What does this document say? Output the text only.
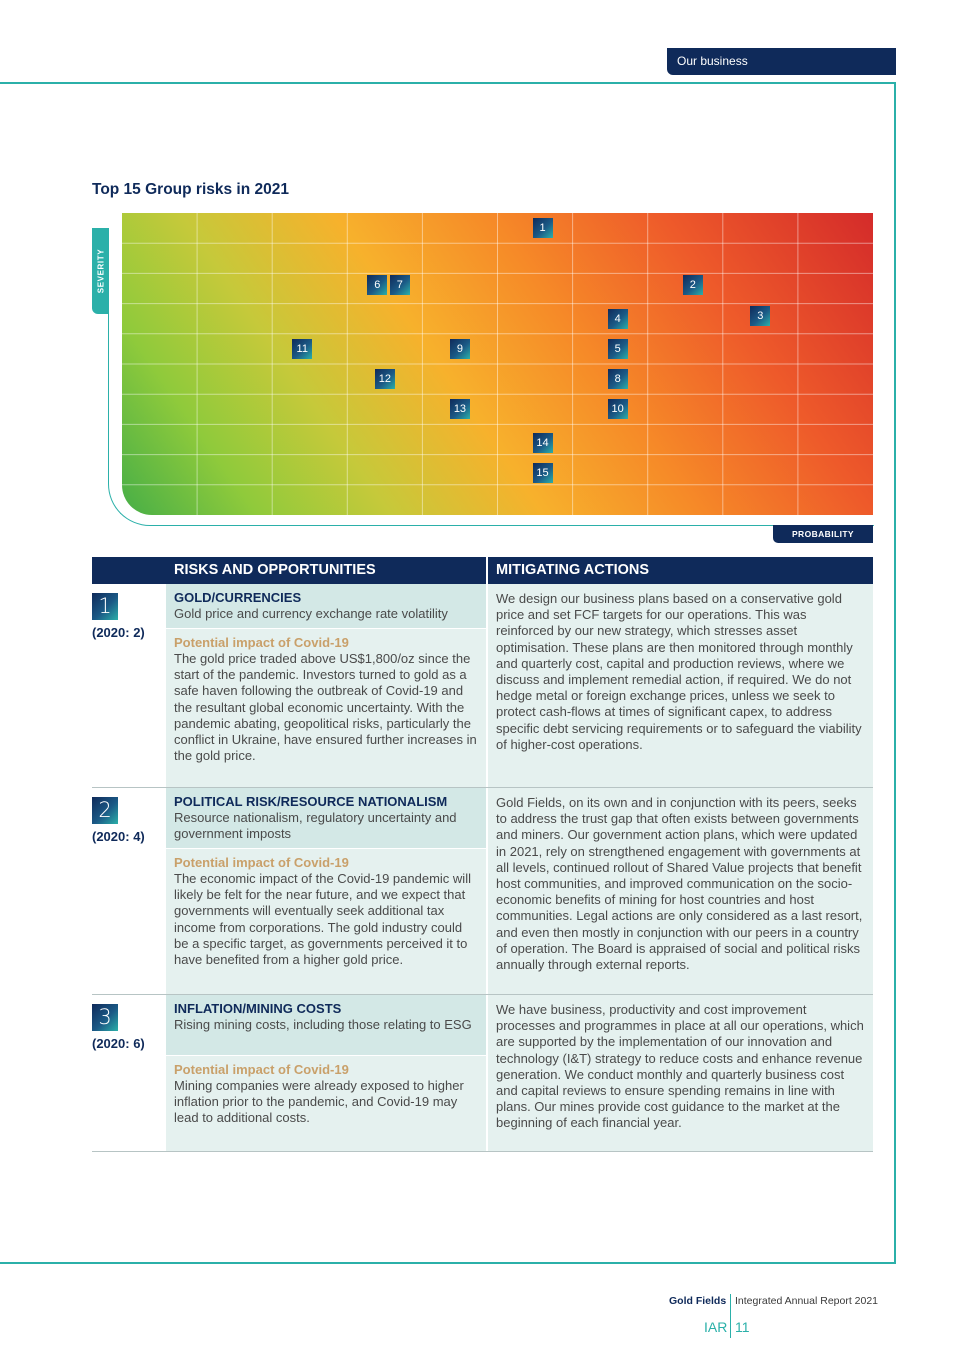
Our business
Top 15 Group risks in 2021
SEVERITY
1
2
3
4
5
6	7
8
9
10
11
12
13
14
15
PROBABILITY
RISKS AND OPPORTUNITIES	MITIGATING ACTIONS
1
(2020: 2)
GOLD/CURRENCIES
Gold price and currency exchange rate volatility
Potential impact of Covid-19
The gold price traded above US$1,800/oz since the start of the pandemic. Investors turned to gold as a safe haven following the outbreak of Covid-19 and the resultant global economic uncertainty. With the pandemic abating, geopolitical risks, particularly the conflict in Ukraine, have ensured further increases in the gold price.
We design our business plans based on a conservative gold price and set FCF targets for our operations. This was reinforced by our new strategy, which stresses asset optimisation. These plans are then monitored through monthly and quarterly cost, capital and production reviews, where we discuss and implement remedial action, if required. We do not hedge metal or foreign exchange prices, unless we seek to protect cash-flows at times of significant capex, to address specific debt servicing requirements or to safeguard the viability of higher-cost operations.
2
(2020: 4)
POLITICAL RISK/RESOURCE NATIONALISM
Resource nationalism, regulatory uncertainty and government imposts
Potential impact of Covid-19
The economic impact of the Covid-19 pandemic will likely be felt for the near future, and we expect that governments will eventually seek additional tax income from corporations. The gold industry could be a specific target, as governments perceived it to have benefited from a higher gold price.
Gold Fields, on its own and in conjunction with its peers, seeks to address the trust gap that often exists between governments and miners. Our government action plans, which were updated in 2021, rely on strengthened engagement with governments at all levels, continued rollout of Shared Value projects that benefit host communities, and improved communication on the socio-economic benefits of mining for host countries and host communities. Legal actions are only considered as a last resort, and even then mostly in conjunction with our peers in a country of operation. The Board is appraised of social and political risks annually through external reports.
3
(2020: 6)
INFLATION/MINING COSTS
Rising mining costs, including those relating to ESG
Potential impact of Covid-19
Mining companies were already exposed to higher inflation prior to the pandemic, and Covid-19 may lead to additional costs.
We have business, productivity and cost improvement processes and programmes in place at all our operations, which are supported by the implementation of our innovation and technology (I&T) strategy to reduce costs and enhance revenue generation. We conduct monthly and quarterly business cost and capital reviews to ensure spending remains in line with plans. Our mines provide cost guidance to the market at the beginning of each financial year.
Gold Fields Integrated Annual Report 2021
IAR 11
